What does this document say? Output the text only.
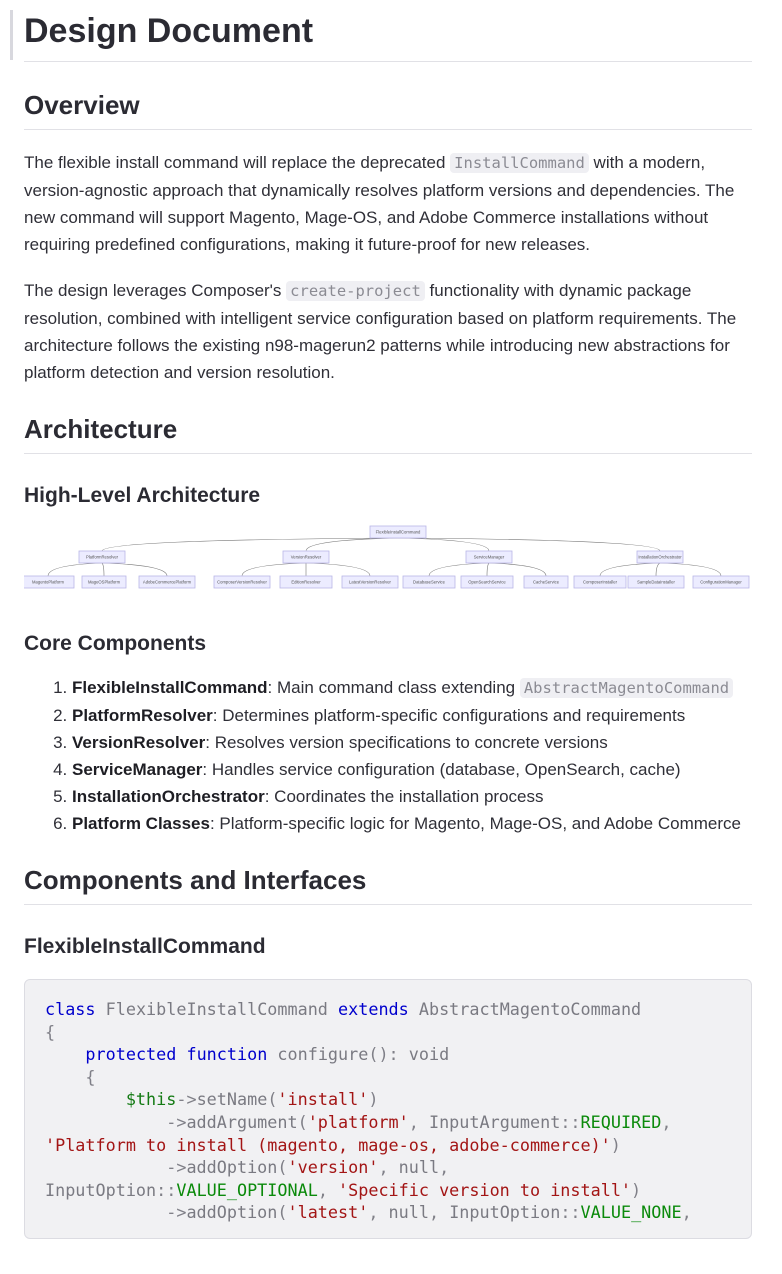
Design Document
Overview

The flexible install command will replace the deprecated InstallCommand with a modern, version-agnostic approach that dynamically resolves platform versions and dependencies. The new command will support Magento, Mage-OS, and Adobe Commerce installations without requiring predefined configurations, making it future-proof for new releases.

The design leverages Composer's create-project functionality with dynamic package resolution, combined with intelligent service configuration based on platform requirements. The architecture follows the existing n98-magerun2 patterns while introducing new abstractions for platform detection and version resolution.

Architecture
High-Level Architecture
FlexibleInstallCommand
PlatformResolver
MagentoPlatform	MageOSPlatform	AdobeCommercePlatform
VersionResolver
ComposerVersionResolver	EditionResolver	LatestVersionResolver
ServiceManager
DatabaseService	OpenSearchService	CacheService
InstallationOrchestrator
ComposerInstaller	SampleDataInstaller	ConfigurationManager
Core Components
1. FlexibleInstallCommand: Main command class extending AbstractMagentoCommand
2. PlatformResolver: Determines platform-specific configurations and requirements
3. VersionResolver: Resolves version specifications to concrete versions
4. ServiceManager: Handles service configuration (database, OpenSearch, cache)
5. InstallationOrchestrator: Coordinates the installation process
6. Platform Classes: Platform-specific logic for Magento, Mage-OS, and Adobe Commerce
Components and Interfaces
FlexibleInstallCommand
class FlexibleInstallCommand extends AbstractMagentoCommand
{
protected function configure(): void
{
$this->setName('install')
->addArgument('platform', InputArgument::REQUIRED,
'Platform to install (magento, mage-os, adobe-commerce)')
->addOption('version', null,
InputOption::VALUE_OPTIONAL, 'Specific version to install')
->addOption('latest', null, InputOption::VALUE_NONE,
